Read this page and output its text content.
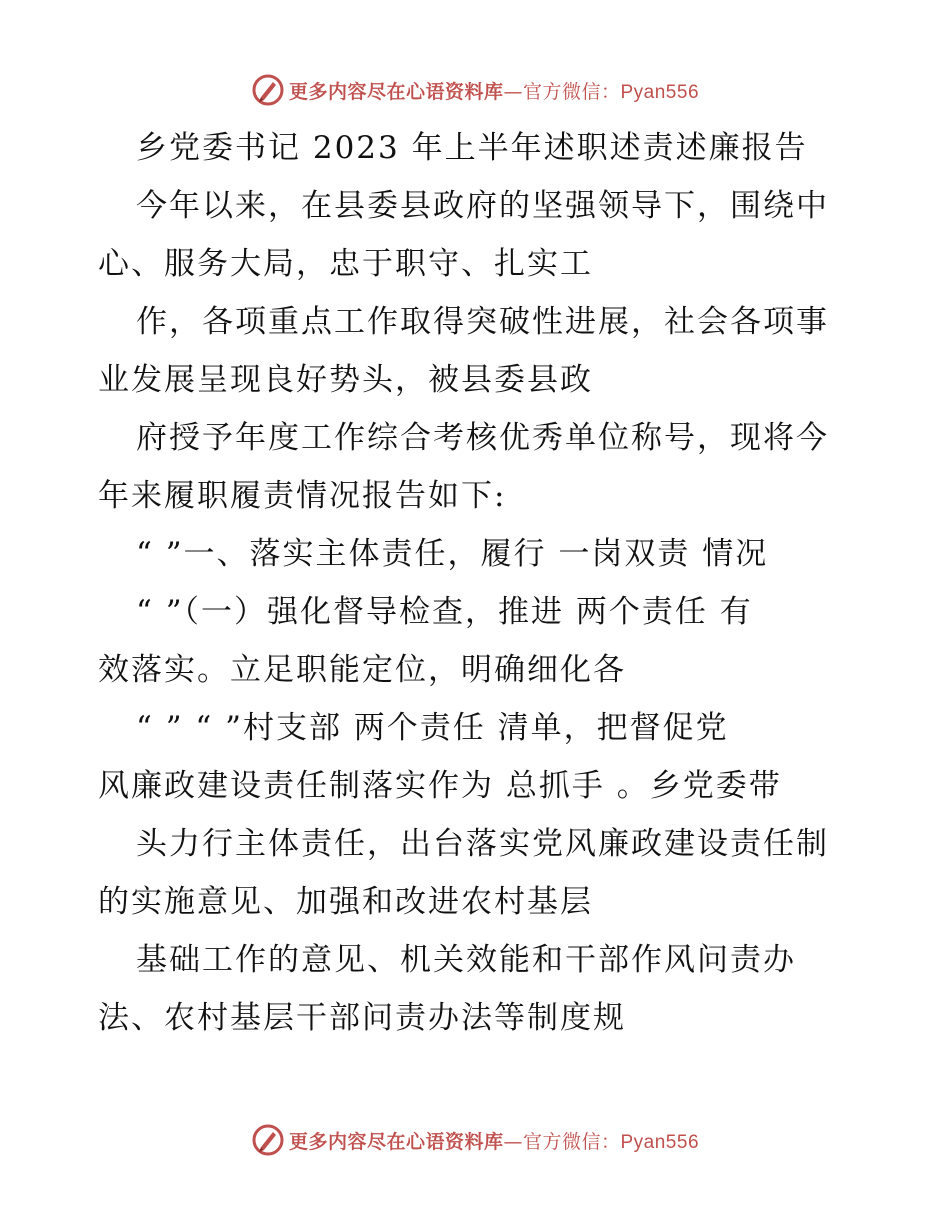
更多内容尽在心语资料库—官方微信：Pyan556
乡党委书记 2023 年上半年述职述责述廉报告
今年以来，在县委县政府的坚强领导下，围绕中
心、服务大局，忠于职守、扎实工
作，各项重点工作取得突破性进展，社会各项事
业发展呈现良好势头，被县委县政
府授予年度工作综合考核优秀单位称号，现将今
年来履职履责情况报告如下:
“ ”一、落实主体责任，履行 一岗双责 情况
“ ”（一）强化督导检查，推进 两个责任 有
效落实。立足职能定位，明确细化各
“ ” “ ”村支部 两个责任 清单，把督促党
风廉政建设责任制落实作为 总抓手 。乡党委带
头力行主体责任，出台落实党风廉政建设责任制
的实施意见、加强和改进农村基层
基础工作的意见、机关效能和干部作风问责办
法、农村基层干部问责办法等制度规
更多内容尽在心语资料库—官方微信：Pyan556
